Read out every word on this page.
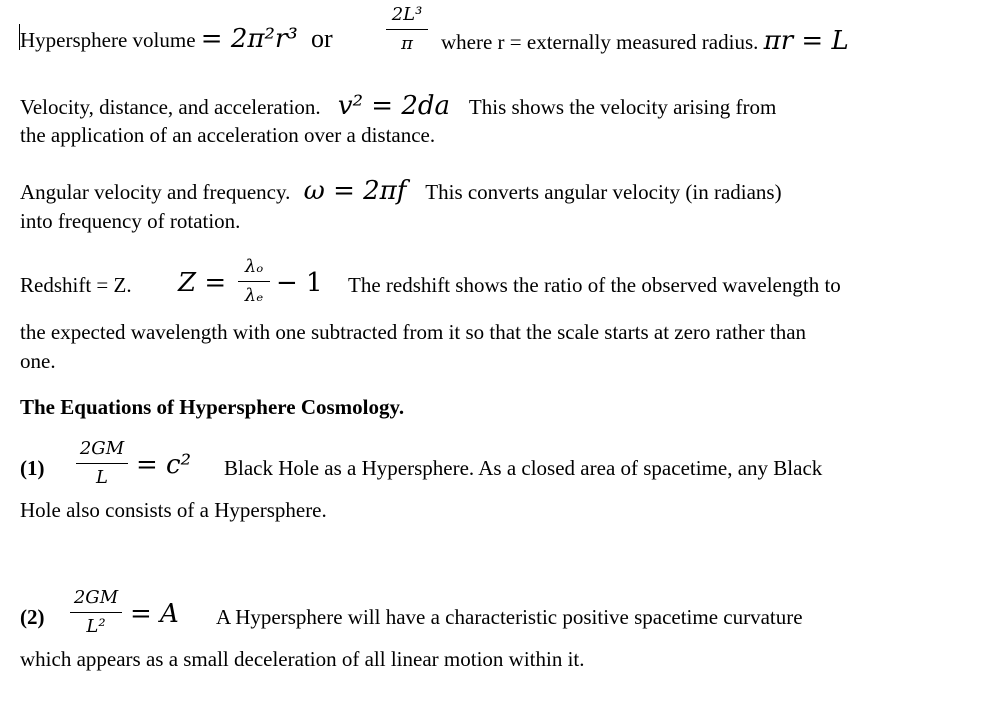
Hypersphere volume = 2π²r³ or
2L³
π	where r = externally measured radius. πr = L
Velocity, distance, and acceleration. v² = 2da This shows the velocity arising from
the application of an acceleration over a distance.
Angular velocity and frequency. ω = 2πf This converts angular velocity (in radians)
into frequency of rotation.
Redshift = Z. Z =
λₒ
λₑ − 1 The redshift shows the ratio of the observed wavelength to
the expected wavelength with one subtracted from it so that the scale starts at zero rather than
one.
The Equations of Hypersphere Cosmology.
(1)
2GM
L	= c² Black Hole as a Hypersphere. As a closed area of spacetime, any Black
Hole also consists of a Hypersphere.
(2)
2GM
L² = A A Hypersphere will have a characteristic positive spacetime curvature
which appears as a small deceleration of all linear motion within it.
